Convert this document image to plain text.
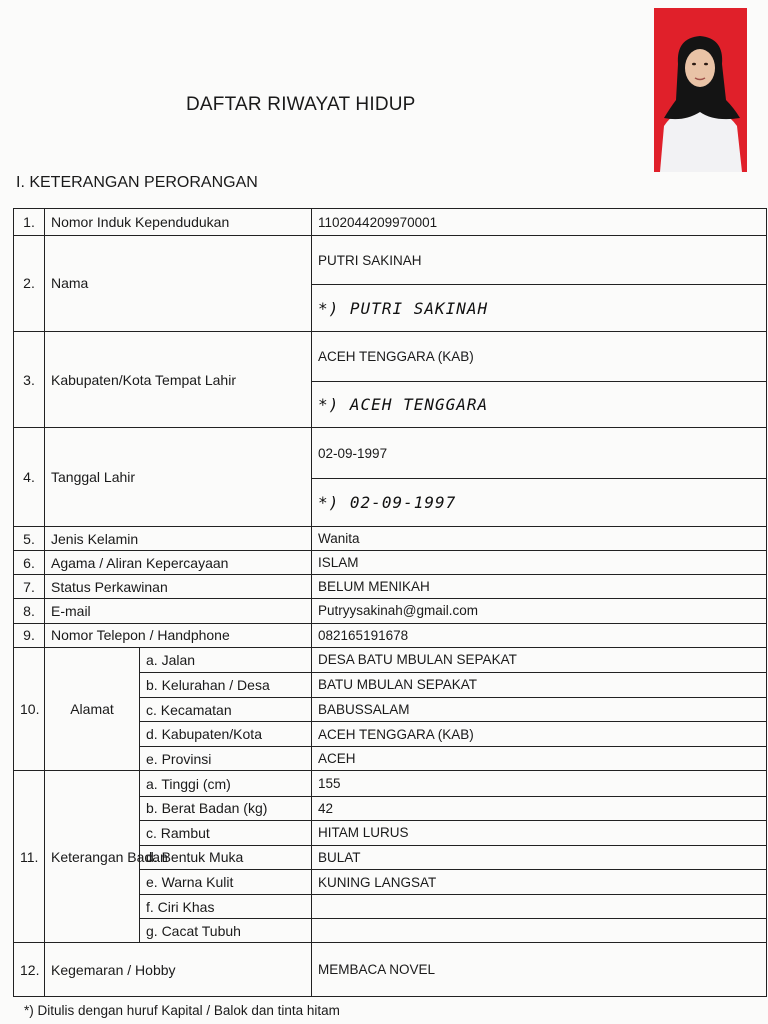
DAFTAR RIWAYAT HIDUP
I. KETERANGAN PERORANGAN
1.	Nomor Induk Kependudukan		1102044209970001
2.	Nama		PUTRI SAKINAH
			*) PUTRI SAKINAH
3.	Kabupaten/Kota Tempat Lahir		ACEH TENGGARA (KAB)
			*) ACEH TENGGARA
4.	Tanggal Lahir		02-09-1997
			*) 02-09-1997
5.	Jenis Kelamin		Wanita
6.	Agama / Aliran Kepercayaan		ISLAM
7.	Status Perkawinan		BELUM MENIKAH
8.	E-mail		Putryysakinah@gmail.com
9.	Nomor Telepon / Handphone		082165191678
10.	Alamat	a. Jalan	DESA BATU MBULAN SEPAKAT
		b. Kelurahan / Desa	BATU MBULAN SEPAKAT
		c. Kecamatan	BABUSSALAM
		d. Kabupaten/Kota	ACEH TENGGARA (KAB)
		e. Provinsi	ACEH
11.	Keterangan Badan	a. Tinggi (cm)	155
		b. Berat Badan (kg)	42
		c. Rambut	HITAM LURUS
		d. Bentuk Muka	BULAT
		e. Warna Kulit	KUNING LANGSAT
		f. Ciri Khas	
		g. Cacat Tubuh	
12.	Kegemaran / Hobby		MEMBACA NOVEL
*) Ditulis dengan huruf Kapital / Balok dan tinta hitam
